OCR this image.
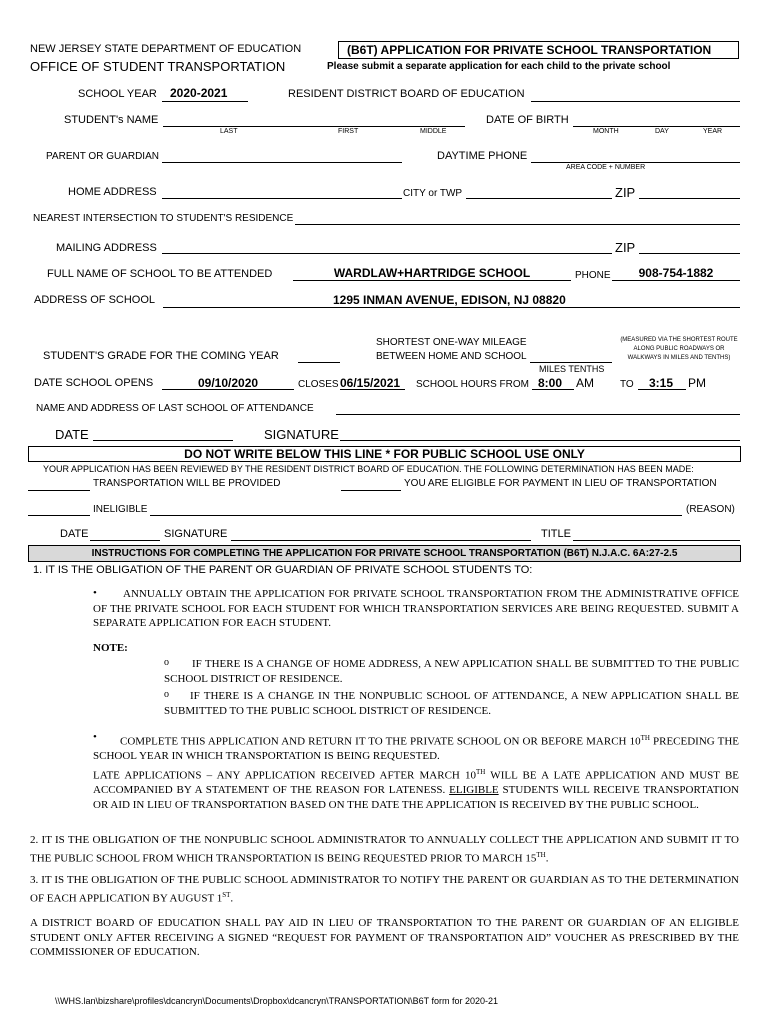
NEW JERSEY STATE DEPARTMENT OF EDUCATION
OFFICE OF STUDENT TRANSPORTATION
(B6T) APPLICATION FOR PRIVATE SCHOOL TRANSPORTATION
Please submit a separate application for each child to the private school
SCHOOL YEAR 2020-2021	RESIDENT DISTRICT BOARD OF EDUCATION
STUDENT's NAME
LAST	FIRST	MIDDLE
DATE OF BIRTH
MONTH	DAY	YEAR
PARENT OR GUARDIAN	DAYTIME PHONE
AREA CODE + NUMBER
HOME ADDRESS	CITY or TWP	ZIP
NEAREST INTERSECTION TO STUDENT'S RESIDENCE
MAILING ADDRESS	ZIP
FULL NAME OF SCHOOL TO BE ATTENDED	WARDLAW+HARTRIDGE SCHOOL	PHONE	908-754-1882
ADDRESS OF SCHOOL	1295 INMAN AVENUE, EDISON, NJ 08820
SHORTEST ONE-WAY MILEAGE
BETWEEN HOME AND SCHOOL
(MEASURED VIA THE SHORTEST ROUTE
ALONG PUBLIC ROADWAYS OR
WALKWAYS IN MILES AND TENTHS)
STUDENT'S GRADE FOR THE COMING YEAR
MILES TENTHS
DATE SCHOOL OPENS	09/10/2020	CLOSES 06/15/2021 SCHOOL HOURS FROM 8:00 AM	TO 3:15 PM
NAME AND ADDRESS OF LAST SCHOOL OF ATTENDANCE
DATE	SIGNATURE
DO NOT WRITE BELOW THIS LINE * FOR PUBLIC SCHOOL USE ONLY
YOUR APPLICATION HAS BEEN REVIEWED BY THE RESIDENT DISTRICT BOARD OF EDUCATION. THE FOLLOWING DETERMINATION HAS BEEN MADE:
TRANSPORTATION WILL BE PROVIDED	YOU ARE ELIGIBLE FOR PAYMENT IN LIEU OF TRANSPORTATION
INELIGIBLE	(REASON)
DATE	SIGNATURE	TITLE
INSTRUCTIONS FOR COMPLETING THE APPLICATION FOR PRIVATE SCHOOL TRANSPORTATION (B6T) N.J.A.C. 6A:27-2.5
1. IT IS THE OBLIGATION OF THE PARENT OR GUARDIAN OF PRIVATE SCHOOL STUDENTS TO:
•	ANNUALLY OBTAIN THE APPLICATION FOR PRIVATE SCHOOL TRANSPORTATION FROM THE ADMINISTRATIVE OFFICE OF THE PRIVATE SCHOOL FOR EACH STUDENT FOR WHICH TRANSPORTATION SERVICES ARE BEING REQUESTED. SUBMIT A SEPARATE APPLICATION FOR EACH STUDENT.
NOTE:
o	IF THERE IS A CHANGE OF HOME ADDRESS, A NEW APPLICATION SHALL BE SUBMITTED TO THE PUBLIC SCHOOL DISTRICT OF RESIDENCE.
o	IF THERE IS A CHANGE IN THE NONPUBLIC SCHOOL OF ATTENDANCE, A NEW APPLICATION SHALL BE SUBMITTED TO THE PUBLIC SCHOOL DISTRICT OF RESIDENCE.
•	COMPLETE THIS APPLICATION AND RETURN IT TO THE PRIVATE SCHOOL ON OR BEFORE MARCH 10TH PRECEDING THE SCHOOL YEAR IN WHICH TRANSPORTATION IS BEING REQUESTED.
LATE APPLICATIONS – ANY APPLICATION RECEIVED AFTER MARCH 10TH WILL BE A LATE APPLICATION AND MUST BE ACCOMPANIED BY A STATEMENT OF THE REASON FOR LATENESS. ELIGIBLE STUDENTS WILL RECEIVE TRANSPORTATION OR AID IN LIEU OF TRANSPORTATION BASED ON THE DATE THE APPLICATION IS RECEIVED BY THE PUBLIC SCHOOL.
2. IT IS THE OBLIGATION OF THE NONPUBLIC SCHOOL ADMINISTRATOR TO ANNUALLY COLLECT THE APPLICATION AND SUBMIT IT TO THE PUBLIC SCHOOL FROM WHICH TRANSPORTATION IS BEING REQUESTED PRIOR TO MARCH 15TH.
3. IT IS THE OBLIGATION OF THE PUBLIC SCHOOL ADMINISTRATOR TO NOTIFY THE PARENT OR GUARDIAN AS TO THE DETERMINATION OF EACH APPLICATION BY AUGUST 1ST.
A DISTRICT BOARD OF EDUCATION SHALL PAY AID IN LIEU OF TRANSPORTATION TO THE PARENT OR GUARDIAN OF AN ELIGIBLE STUDENT ONLY AFTER RECEIVING A SIGNED “REQUEST FOR PAYMENT OF TRANSPORTATION AID” VOUCHER AS PRESCRIBED BY THE COMMISSIONER OF EDUCATION.
\\WHS.lan\bizshare\profiles\dcancryn\Documents\Dropbox\dcancryn\TRANSPORTATION\B6T form for 2020-21
